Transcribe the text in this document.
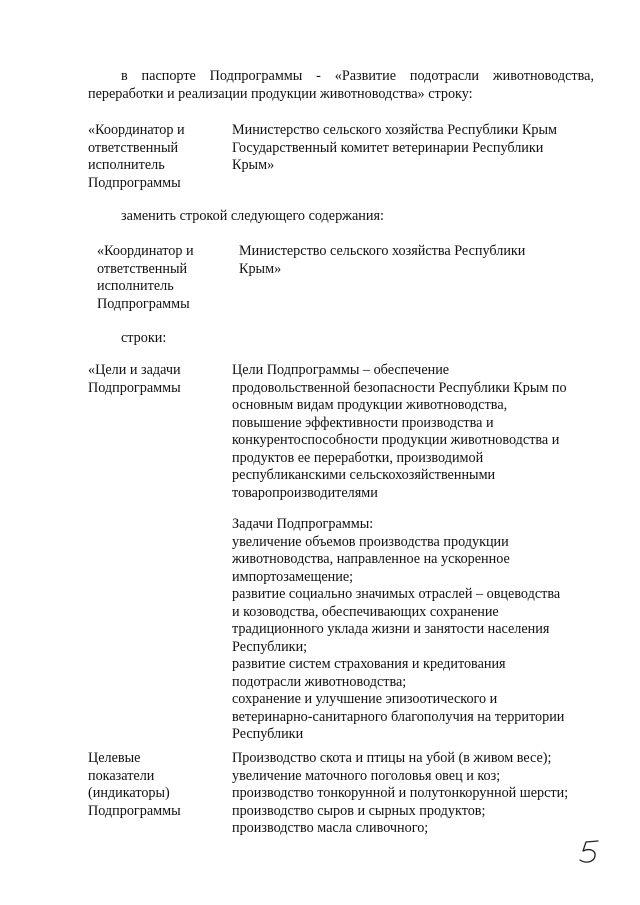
в паспорте Подпрограммы - «Развитие подотрасли животноводства,
переработки и реализации продукции животноводства» строку:
«Координатор и
ответственный
исполнитель
Подпрограммы
Министерство сельского хозяйства Республики Крым
Государственный комитет ветеринарии Республики
Крым»
заменить строкой следующего содержания:
«Координатор и
ответственный
исполнитель
Подпрограммы
Министерство сельского хозяйства Республики
Крым»
строки:
«Цели и задачи
Подпрограммы
Цели Подпрограммы – обеспечение
продовольственной безопасности Республики Крым по
основным видам продукции животноводства,
повышение эффективности производства и
конкурентоспособности продукции животноводства и
продуктов ее переработки, производимой
республиканскими сельскохозяйственными
товаропроизводителями
Задачи Подпрограммы:
увеличение объемов производства продукции
животноводства, направленное на ускоренное
импортозамещение;
развитие социально значимых отраслей – овцеводства
и козоводства, обеспечивающих сохранение
традиционного уклада жизни и занятости населения
Республики;
развитие систем страхования и кредитования
подотрасли животноводства;
сохранение и улучшение эпизоотического и
ветеринарно-санитарного благополучия на территории
Республики
Целевые
показатели
(индикаторы)
Подпрограммы
Производство скота и птицы на убой (в живом весе);
увеличение маточного поголовья овец и коз;
производство тонкорунной и полутонкорунной шерсти;
производство сыров и сырных продуктов;
производство масла сливочного;
